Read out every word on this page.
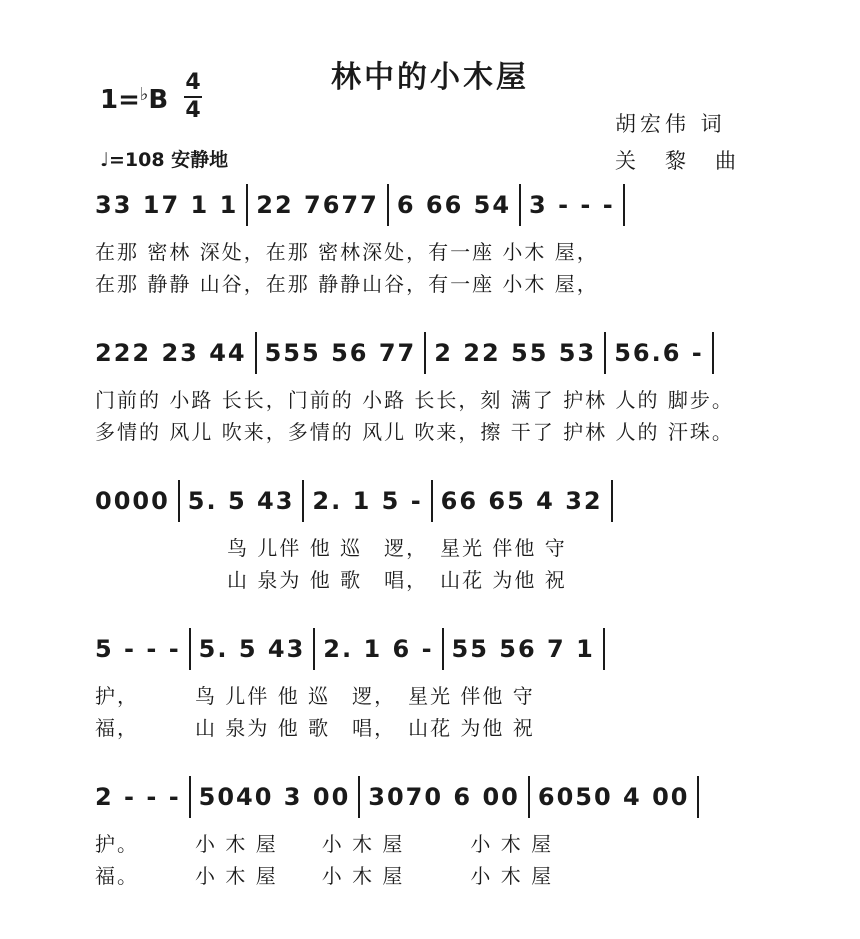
林中的小木屋
1=♭B
4
4
♩=108 安静地
胡宏伟 词
关　黎　曲
33 17 1 1 22 7677 6 66 54 3 - - -
在那 密林 深处，在那 密林深处，有一座 小木 屋，
在那 静静 山谷，在那 静静山谷，有一座 小木 屋，
222 23 44 555 56 77 2 22 55 53 56.6 -
门前的 小路 长长，门前的 小路 长长，刻 满了 护林 人的 脚步。
多情的 风儿 吹来，多情的 风儿 吹来，擦 干了 护林 人的 汗珠。
0000 5. 5 43 2. 1 5 - 66 65 4 32
　　　　　　鸟 儿伴 他 巡　逻，　星光 伴他 守
　　　　　　山 泉为 他 歌　唱，　山花 为他 祝
5 - - - 5. 5 43 2. 1 6 - 55 56 7 1
护，　　　鸟 儿伴 他 巡　逻，　星光 伴他 守
福，　　　山 泉为 他 歌　唱，　山花 为他 祝
2 - - - 5040 3 00 3070 6 00 6050 4 00
护。　　　小 木 屋　　小 木 屋　　　小 木 屋
福。　　　小 木 屋　　小 木 屋　　　小 木 屋
